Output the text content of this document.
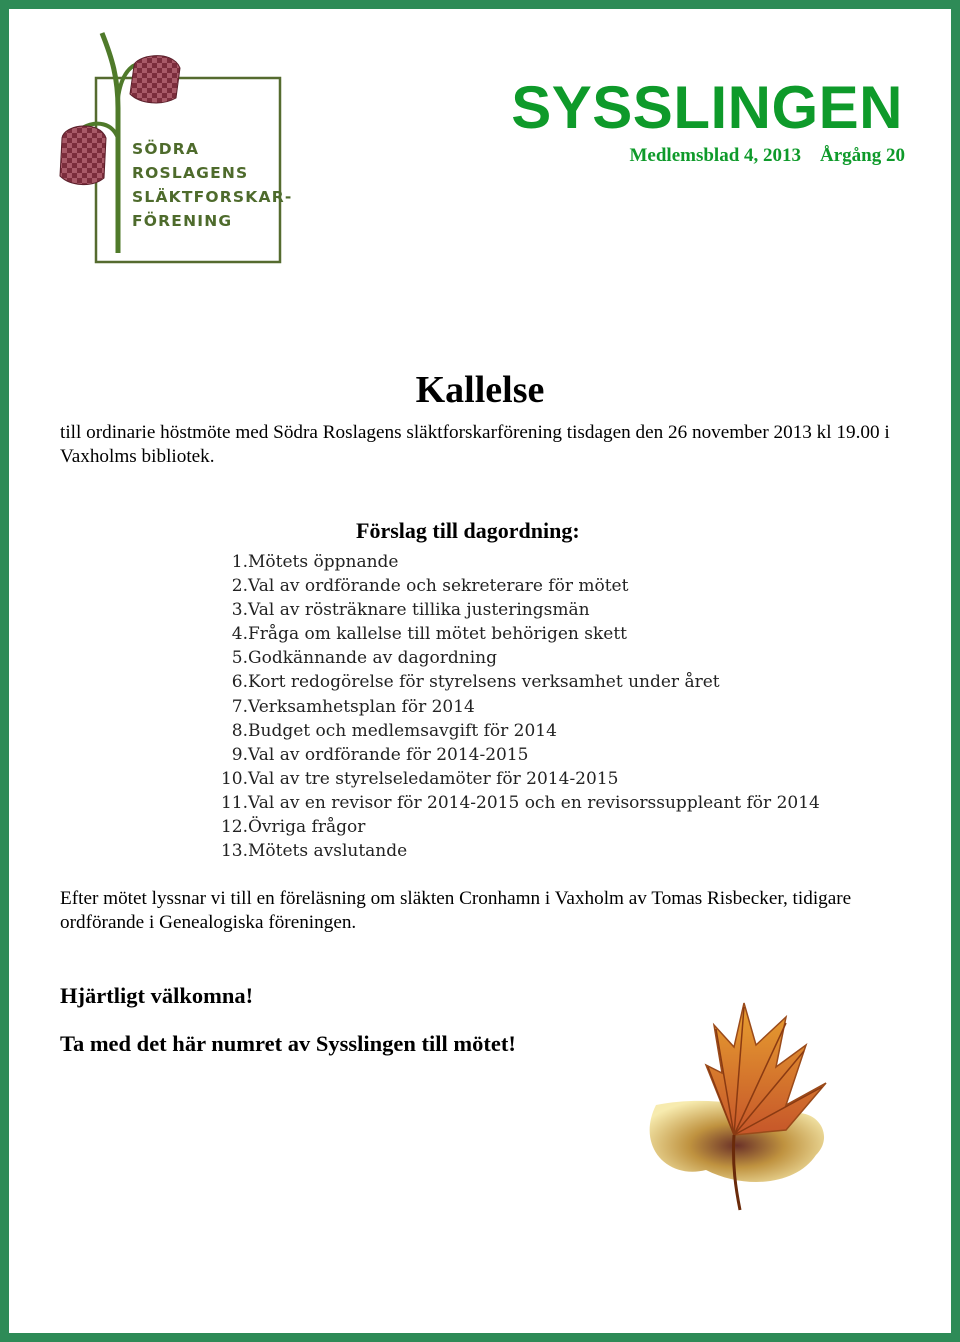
SÖDRA
ROSLAGENS
SLÄKTFORSKAR-
FÖRENING
SYSSLINGEN
Medlemsblad 4, 2013    Årgång 20
Kallelse
till ordinarie höstmöte med Södra Roslagens släktforskarförening tisdagen den 26 november 2013 kl 19.00 i Vaxholms bibliotek.
Förslag till dagordning:
1.Mötets öppnande
2.Val av ordförande och sekreterare för mötet
3.Val av rösträknare tillika justeringsmän
4.Fråga om kallelse till mötet behörigen skett
5.Godkännande av dagordning
6.Kort redogörelse för styrelsens verksamhet under året
7.Verksamhetsplan för 2014
8.Budget och medlemsavgift för 2014
9.Val av ordförande för 2014-2015
10.Val av tre styrelseledamöter för 2014-2015
11.Val av en revisor för 2014-2015 och en revisorssuppleant för 2014
12.Övriga frågor
13.Mötets avslutande
Efter mötet lyssnar vi till en föreläsning om släkten Cronhamn i Vaxholm av Tomas Risbecker, tidigare ordförande i Genealogiska föreningen.
Hjärtligt välkomna!
Ta med det här numret av Sysslingen till mötet!
